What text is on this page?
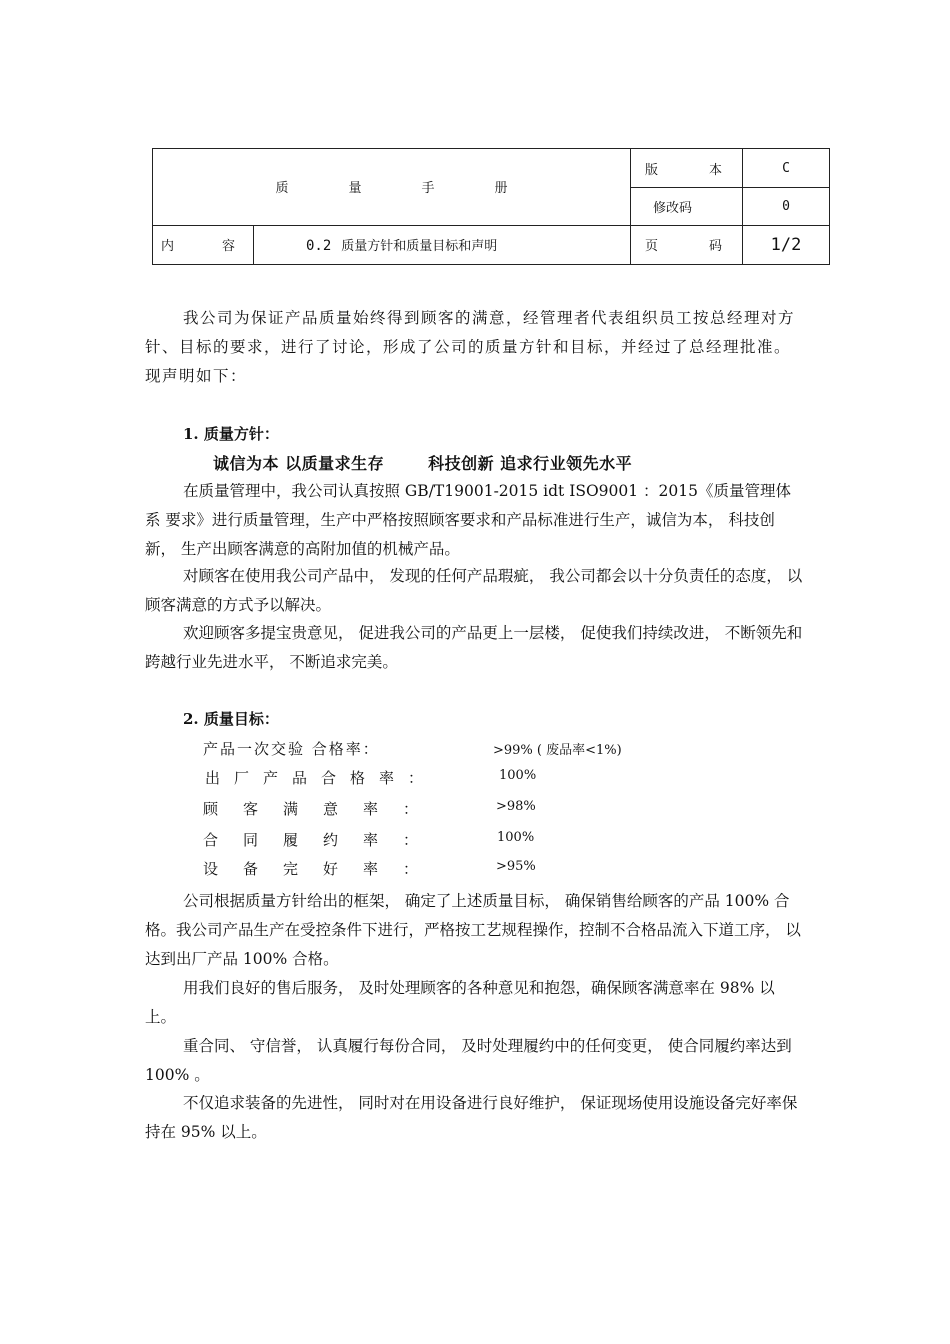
质量手册		版 本	C
		修改码	0

内 容	0.2 质量方针和质量目标和声明	页 码	1/2
我公司为保证产品质量始终得到顾客的满意，经管理者代表组织员工按总经理对方针、目标的要求，进行了讨论，形成了公司的质量方针和目标，并经过了总经理批准。现声明如下：
1. 质量方针：
诚信为本 以质量求生存	科技创新 追求行业领先水平
在质量管理中，我公司认真按照 GB/T19001-2015 idt ISO9001 ：2015《质量管理体系 要求》进行质量管理，生产中严格按照顾客要求和产品标准进行生产，诚信为本， 科技创新， 生产出顾客满意的高附加值的机械产品。
对顾客在使用我公司产品中， 发现的任何产品瑕疵， 我公司都会以十分负责任的态度， 以顾客满意的方式予以解决。
欢迎顾客多提宝贵意见， 促进我公司的产品更上一层楼， 促使我们持续改进， 不断领先和跨越行业先进水平， 不断追求完美。
2. 质量目标：
产品一次交验 合格率：	>99% ( 废品率<1%)
出厂产品合格率：	100%
顾客满意率：	>98%
合同履约率：	100%
设备完好率：	>95%
公司根据质量方针给出的框架， 确定了上述质量目标， 确保销售给顾客的产品 100% 合格。我公司产品生产在受控条件下进行，严格按工艺规程操作，控制不合格品流入下道工序， 以达到出厂产品 100% 合格。
用我们良好的售后服务， 及时处理顾客的各种意见和抱怨，确保顾客满意率在 98% 以上。
重合同、 守信誉， 认真履行每份合同， 及时处理履约中的任何变更， 使合同履约率达到 100% 。
不仅追求装备的先进性， 同时对在用设备进行良好维护， 保证现场使用设施设备完好率保持在 95% 以上。
